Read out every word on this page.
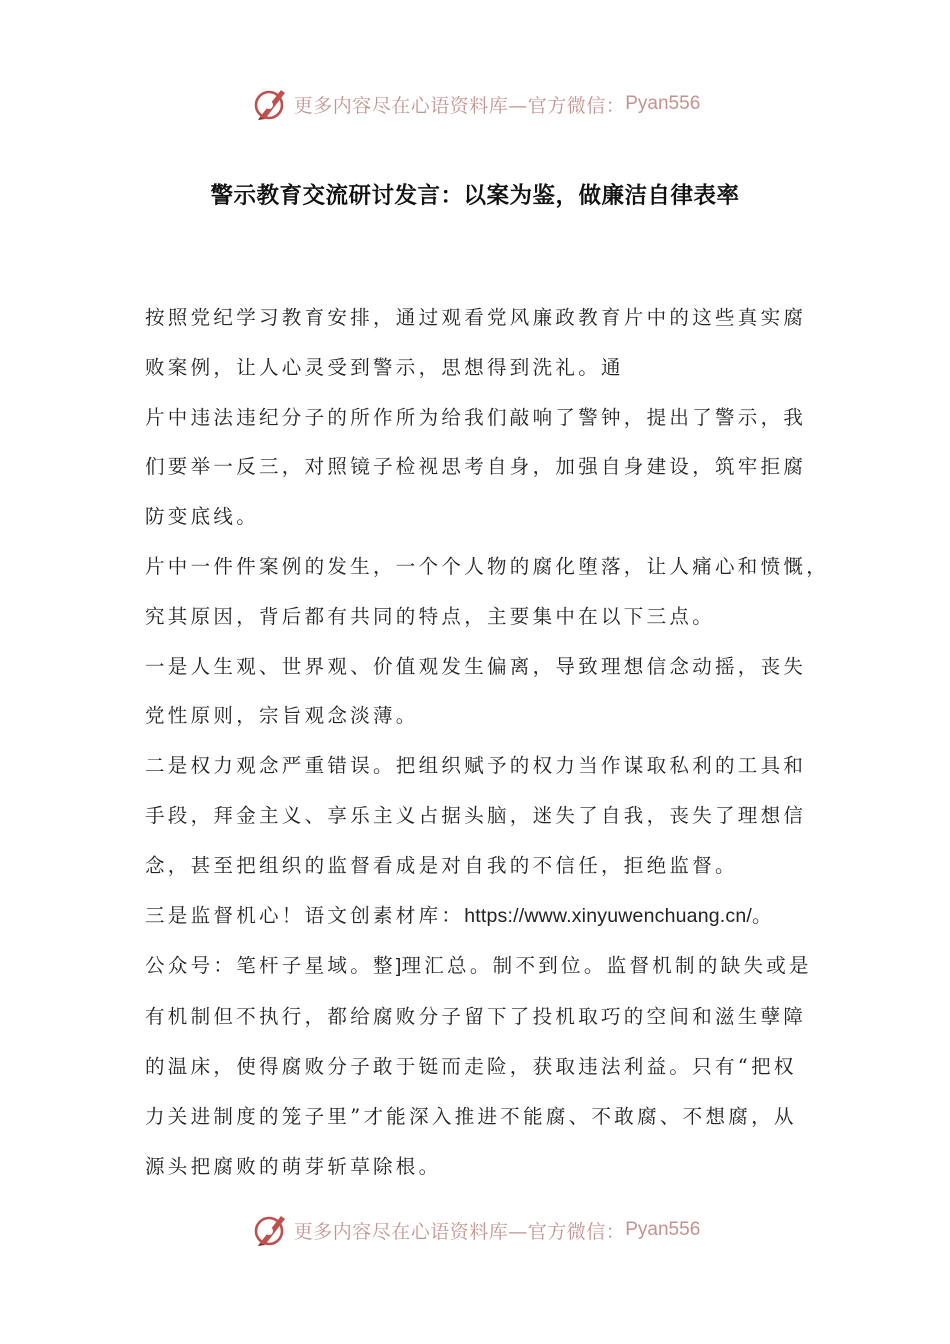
更多内容尽在心语资料库—官方微信： Pyan556
警示教育交流研讨发言：以案为鉴，做廉洁自律表率

按照党纪学习教育安排，通过观看党风廉政教育片中的这些真实腐

败案例，让人心灵受到警示，思想得到洗礼。通

片中违法违纪分子的所作所为给我们敲响了警钟，提出了警示，我

们要举一反三，对照镜子检视思考自身，加强自身建设，筑牢拒腐

防变底线。

片中一件件案例的发生，一个个人物的腐化堕落，让人痛心和愤慨，

究其原因，背后都有共同的特点，主要集中在以下三点。

一是人生观、世界观、价值观发生偏离，导致理想信念动摇，丧失

党性原则，宗旨观念淡薄。

二是权力观念严重错误。把组织赋予的权力当作谋取私利的工具和

手段，拜金主义、享乐主义占据头脑，迷失了自我，丧失了理想信

念，甚至把组织的监督看成是对自我的不信任，拒绝监督。

三是监督机心！语文创素材库：https://www.xinyuwenchuang.cn/。

公众号：笔杆子星域。整]理汇总。制不到位。监督机制的缺失或是

有机制但不执行，都给腐败分子留下了投机取巧的空间和滋生孽障

的温床，使得腐败分子敢于铤而走险，获取违法利益。只有“把权

力关进制度的笼子里”才能深入推进不能腐、不敢腐、不想腐，从

源头把腐败的萌芽斩草除根。

更多内容尽在心语资料库—官方微信： Pyan556
